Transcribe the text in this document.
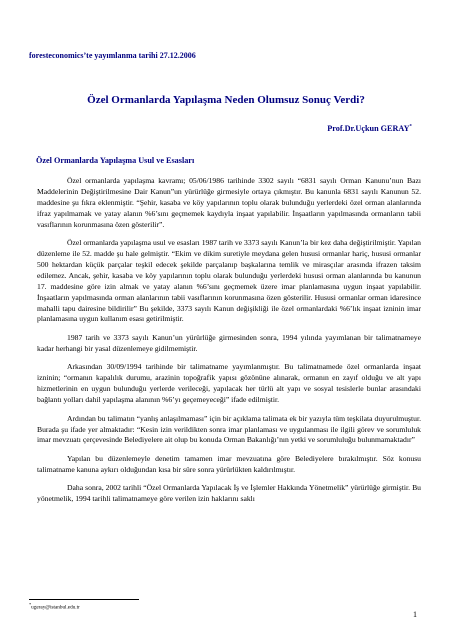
foresteconomics’te yayımlanma tarihi 27.12.2006
Özel Ormanlarda Yapılaşma Neden Olumsuz Sonuç Verdi?
Prof.Dr.Uçkun GERAY*
Özel Ormanlarda Yapılaşma Usul ve Esasları

Özel ormanlarda yapılaşma kavramı; 05/06/1986 tarihinde 3302 sayılı “6831 sayılı Orman Kanunu’nun Bazı Maddelerinin Değiştirilmesine Dair Kanun”un yürürlüğe girmesiyle ortaya çıkmıştır. Bu kanunla 6831 sayılı Kanunun 52. maddesine şu fıkra eklenmiştir. “Şehir, kasaba ve köy yapılarının toplu olarak bulunduğu yerlerdeki özel orman alanlarında ifraz yapılmamak ve yatay alanın %6’sını geçmemek kaydıyla inşaat yapılabilir. İnşaatların yapılmasında ormanların tabii vasıflarının korunmasına özen gösterilir”.

Özel ormanlarda yapılaşma usul ve esasları 1987 tarih ve 3373 sayılı Kanun’la bir kez daha değiştirilmiştir. Yapılan düzenleme ile 52. madde şu hale gelmiştir. “Ekim ve dikim suretiyle meydana gelen hususi ormanlar hariç, hususi ormanlar 500 hektardan küçük parçalar teşkil edecek şekilde parçalanıp başkalarına temlik ve mirasçılar arasında ifrazen taksim edilemez. Ancak, şehir, kasaba ve köy yapılarının toplu olarak bulunduğu yerlerdeki hususi orman alanlarında bu kanunun 17. maddesine göre izin almak ve yatay alanın %6’sını geçmemek üzere imar planlamasına uygun inşaat yapılabilir. İnşaatların yapılmasında orman alanlarının tabii vasıflarının korunmasına özen gösterilir. Hususi ormanlar orman idaresince mahalli tapu dairesine bildirilir” Bu şekilde, 3373 sayılı Kanun değişikliği ile özel ormanlardaki %6’lık inşaat izninin imar planlamasına uygun kullanım esası getirilmiştir.

1987 tarih ve 3373 sayılı Kanun’un yürürlüğe girmesinden sonra, 1994 yılında yayımlanan bir talimatnameye kadar herhangi bir yasal düzenlemeye gidilmemiştir.

Arkasından 30/09/1994 tarihinde bir talimatname yayımlanmıştır. Bu talimatnamede özel ormanlarda inşaat izninin; “ormanın kapalılık durumu, arazinin topoğrafik yapısı gözönüne alınarak, ormanın en zayıf olduğu ve alt yapı hizmetlerinin en uygun bulunduğu yerlerde verileceği, yapılacak her türlü alt yapı ve sosyal tesislerle bunlar arasındaki bağlantı yolları dahil yapılaşma alanının %6’yı geçemeyeceği” ifade edilmiştir.

Ardından bu talimatın “yanlış anlaşılmaması” için bir açıklama talimata ek bir yazıyla tüm teşkilata duyurulmuştur. Burada şu ifade yer almaktadır: “Kesin izin verildikten sonra imar planlaması ve uygulanması ile ilgili görev ve sorumluluk imar mevzuatı çerçevesinde Belediyelere ait olup bu konuda Orman Bakanlığı’nın yetki ve sorumluluğu bulunmamaktadır”

Yapılan bu düzenlemeyle denetim tamamen imar mevzuatına göre Belediyelere bırakılmıştır. Söz konusu talimatname kanuna aykırı olduğundan kısa bir süre sonra yürürlükten kaldırılmıştır.

Daha sonra, 2002 tarihli “Özel Ormanlarda Yapılacak İş ve İşlemler Hakkında Yönetmelik” yürürlüğe girmiştir. Bu yönetmelik, 1994 tarihli talimatnameye göre verilen izin haklarını saklı

*ugeray@istanbul.edu.tr
1
